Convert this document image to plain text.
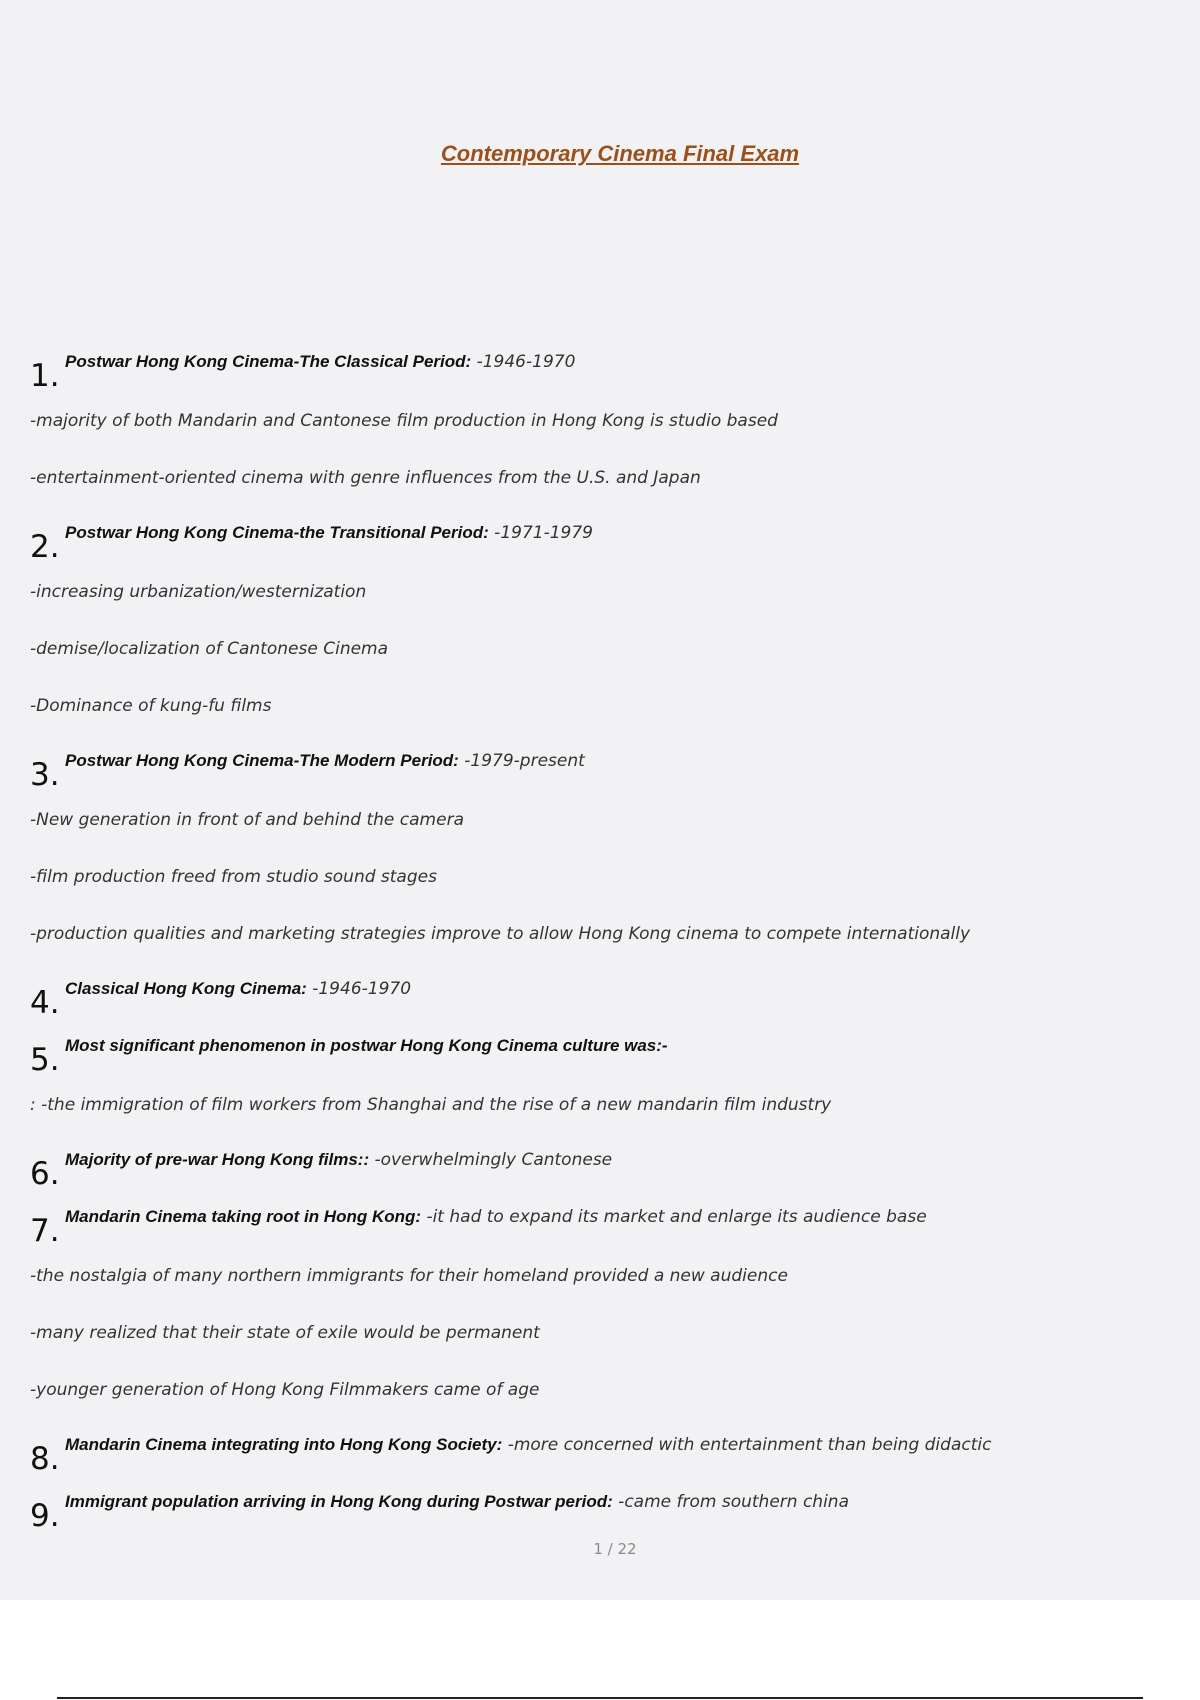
Contemporary Cinema Final Exam
1. Postwar Hong Kong Cinema-The Classical Period: -1946-1970
-majority of both Mandarin and Cantonese film production in Hong Kong is studio based
-entertainment-oriented cinema with genre influences from the U.S. and Japan
2. Postwar Hong Kong Cinema-the Transitional Period: -1971-1979
-increasing urbanization/westernization
-demise/localization of Cantonese Cinema
-Dominance of kung-fu films
3. Postwar Hong Kong Cinema-The Modern Period: -1979-present
-New generation in front of and behind the camera
-film production freed from studio sound stages
-production qualities and marketing strategies improve to allow Hong Kong cinema to compete internationally
4. Classical Hong Kong Cinema: -1946-1970
5. Most significant phenomenon in postwar Hong Kong Cinema culture was:-
: -the immigration of film workers from Shanghai and the rise of a new mandarin film industry
6. Majority of pre-war Hong Kong films:: -overwhelmingly Cantonese
7. Mandarin Cinema taking root in Hong Kong: -it had to expand its market and enlarge its audience base
-the nostalgia of many northern immigrants for their homeland provided a new audience
-many realized that their state of exile would be permanent
-younger generation of Hong Kong Filmmakers came of age
8. Mandarin Cinema integrating into Hong Kong Society: -more concerned with entertainment than being didactic
9. Immigrant population arriving in Hong Kong during Postwar period: -came from southern china
1 / 22
